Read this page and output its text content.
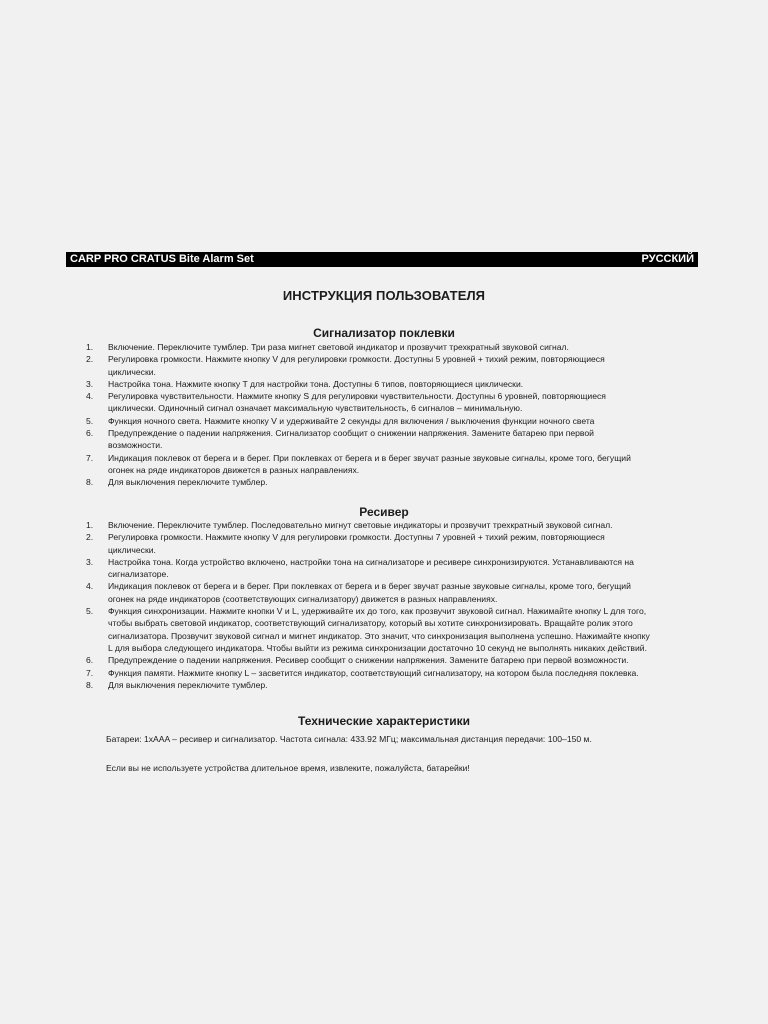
CARP PRO CRATUS Bite Alarm Set	РУССКИЙ
ИНСТРУКЦИЯ ПОЛЬЗОВАТЕЛЯ
Сигнализатор поклевки
1. Включение. Переключите тумблер. Три раза мигнет световой индикатор и прозвучит трехкратный звуковой сигнал.
2. Регулировка громкости. Нажмите кнопку V для регулировки громкости. Доступны 5 уровней + тихий режим, повторяющиеся
циклически.
3. Настройка тона. Нажмите кнопку T для настройки тона. Доступны 6 типов, повторяющиеся циклически.
4. Регулировка чувствительности. Нажмите кнопку S для регулировки чувствительности. Доступны 6 уровней, повторяющиеся
циклически. Одиночный сигнал означает максимальную чувствительность, 6 сигналов – минимальную.
5. Функция ночного света. Нажмите кнопку V и удерживайте 2 секунды для включения / выключения функции ночного света
6. Предупреждение о падении напряжения. Сигнализатор сообщит о снижении напряжения. Замените батарею при первой
возможности.
7. Индикация поклевок от берега и в берег. При поклевках от берега и в берег звучат разные звуковые сигналы, кроме того, бегущий
огонек на ряде индикаторов движется в разных направлениях.
8. Для выключения переключите тумблер.
Ресивер
1. Включение. Переключите тумблер. Последовательно мигнут световые индикаторы и прозвучит трехкратный звуковой сигнал.
2. Регулировка громкости. Нажмите кнопку V для регулировки громкости. Доступны 7 уровней + тихий режим, повторяющиеся
циклически.
3. Настройка тона. Когда устройство включено, настройки тона на сигнализаторе и ресивере синхронизируются. Устанавливаются на
сигнализаторе.
4. Индикация поклевок от берега и в берег. При поклевках от берега и в берег звучат разные звуковые сигналы, кроме того, бегущий
огонек на ряде индикаторов (соответствующих сигнализатору) движется в разных направлениях.
5. Функция синхронизации. Нажмите кнопки V и L, удерживайте их до того, как прозвучит звуковой сигнал. Нажимайте кнопку L для того,
чтобы выбрать световой индикатор, соответствующий сигнализатору, который вы хотите синхронизировать. Вращайте ролик этого
сигнализатора. Прозвучит звуковой сигнал и мигнет индикатор. Это значит, что синхронизация выполнена успешно. Нажимайте кнопку
L для выбора следующего индикатора. Чтобы выйти из режима синхронизации достаточно 10 секунд не выполнять никаких действий.
6. Предупреждение о падении напряжения. Ресивер сообщит о снижении напряжения. Замените батарею при первой возможности.
7. Функция памяти. Нажмите кнопку L – засветится индикатор, соответствующий сигнализатору, на котором была последняя поклевка.
8. Для выключения переключите тумблер.
Технические характеристики
Батареи: 1xAAA – ресивер и сигнализатор. Частота сигнала: 433.92 МГц; максимальная дистанция передачи: 100–150 м.
Если вы не используете устройства длительное время, извлеките, пожалуйста, батарейки!
